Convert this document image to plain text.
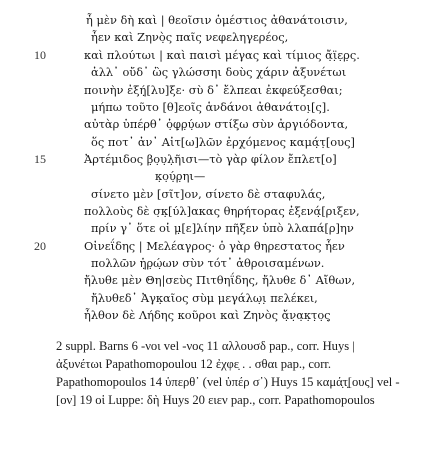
ἦ μὲν δὴ καὶ | θεοῖσιν ὁμέστιος ἀθανάτοισιν,
ἦεν καὶ Ζηνὸ̣ς παῖς νεφεληγερέος,
10	καὶ πλούτωι | καὶ παισὶ μέγας καὶ τίμιος ἄ̣ϊ̣ε̣ρ̣ς.
ἀλλ᾽ οὔδ᾽ ὣς γλώσσηι δοὺς χάριν ἀξυνέτωι
ποινὴν ἐξή̣[λυ]ξε· σὺ δ᾽ ἔλπεαι ἐκφεύξεσθαι;
μήπω τοῦτο [θ]εοῖς ἁνδάνοι ἀθανάτοι̣[ς].
αὐτὰρ ὑπέρθ᾽ ὀ̣φ̣ρ̣ύ̣ων στίξω σὺν ἀργιόδοντα,
ὅς ποτ᾽ ἀν᾽ Αἰτ[ω]λῶν ἐρχόμενος καμά̣τ̣[ους]
15	Ἀρτέμιδος β̣ο̣υ̣λ̣ῆισι—τὸ γὰρ φίλον ἔπλετ[ο]
κ̣ο̣ύ̣ρ̣ηι—
σίνετο μὲν [σῖτ]ον, σίνετο δὲ σταφυλάς,
πολλοὺς δὲ σ̣κ̣[ύλ]ακας θηρήτορας ἐξενά̣[ριξεν,
πρίν γ᾽ ὅτε οἱ μ̣[ε]λίην πῆξεν ὑπὸ λλαπά[ρ]ην
20	Οἰνεΐδης | Μελέαγρος· ὁ γὰρ θηρεστατος ἦεν
πολλῶν ἡ̣ρ̣ώ̣ων σὺν τότ᾽ ἀθροισαμένων.
ἤλυθε μὲν Θη|σεὺς Πιτθηΐδης, ἤλυθε δ᾽ Αἴθων,
ἤλυθεδ᾽ Ἀγκ̣αῖος σὺμ μεγάλω̣ι̣ πελέκει,
ἦλθον δὲ Λήδης κοῦροι καὶ Ζηνὸς ἄ̣ν̣α̣κ̣τ̣ο̣ς̣
2 suppl. Barns 6 -νοι vel -νος 11 αλλουσδ pap., corr. Huys |
ἀξυνέτωι Papathomopoulou 12 ἐχφε̣ . . σθαι pap., corr.
Papathomopoulos 14 ὑπερθ᾽ (vel ὑπέρ σ᾽) Huys 15 καμά̣τ̣[ους] vel -
[ον] 19 οἱ Luppe: δὴ Huys 20 ειεν pap., corr. Papathomopoulos
